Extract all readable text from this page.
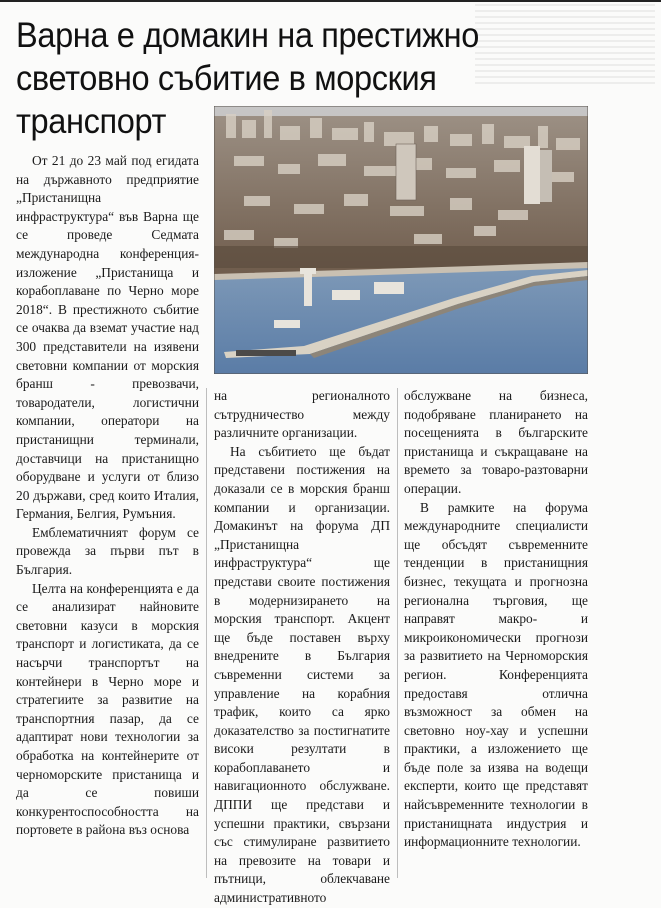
Варна е домакин на престижно
световно събитие в морския
транспорт

От 21 до 23 май под егидата на държавното предприятие „Пристанищна инфраструктура“ във Варна ще се проведе Седмата международна конференция-изложение „Пристанища и корабоплаване по Черно море 2018“. В престижното събитие се очаква да вземат участие над 300 представители на изявени световни компании от морския бранш - превозвачи, товародатели, логистични компании, оператори на пристанищни терминали, доставчици на пристанищно оборудване и услуги от близо 20 държави, сред които Италия, Германия, Белгия, Румъния.

Емблематичният форум се провежда за първи път в България.

Целта на конференцията е да се анализират найновите световни казуси в морския транспорт и логистиката, да се насърчи транспортът на контейнери в Черно море и стратегиите за развитие на транспортния пазар, да се адаптират нови технологии за обработка на контейнерите от черноморските пристанища и да се повиши конкурентоспособността на портовете в района въз основа

на регионалното сътрудничество между различните организации.

На събитието ще бъдат представени постижения на доказали се в морския бранш компании и организации. Домакинът на форума ДП „Пристанищна инфраструктура“ ще представи своите постижения в модернизирането на морския транспорт. Акцент ще бъде поставен върху внедрените в България съвременни системи за управление на корабния трафик, които са ярко доказателство за постигнатите високи резултати в корабоплаването и навигационното обслужване. ДППИ ще представи и успешни практики, свързани със стимулиране развитието на превозите на товари и пътници, облекчаване административното

обслужване на бизнеса, подобряване планирането на посещенията в българските пристанища и съкращаване на времето за товаро-разтоварни операции.

В рамките на форума международните специалисти ще обсъдят съвременните тенденции в пристанищния бизнес, текущата и прогнозна регионална търговия, ще направят макро- и микроикономически прогнози за развитието на Черноморския регион. Конференцията предоставя отлична възможност за обмен на световно ноу-хау и успешни практики, а изложението ще бъде поле за изява на водещи експерти, които ще представят найсъвременните технологии в пристанищната индустрия и информационните технологии.
